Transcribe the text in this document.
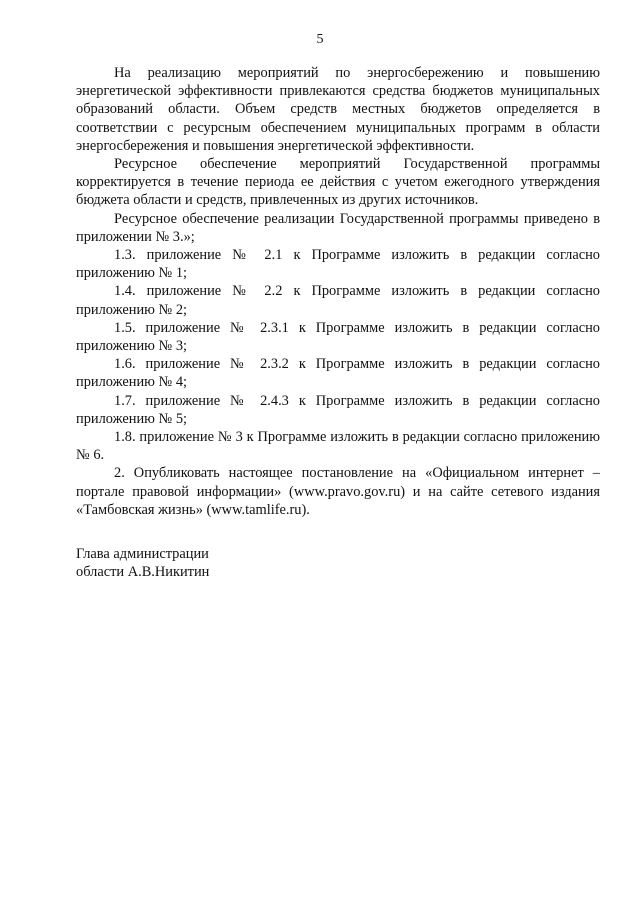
5

На реализацию мероприятий по энергосбережению и повышению энергетической эффективности привлекаются средства бюджетов муниципальных образований области. Объем средств местных бюджетов определяется в соответствии с ресурсным обеспечением муниципальных программ в области энергосбережения и повышения энергетической эффективности.

Ресурсное обеспечение мероприятий Государственной программы корректируется в течение периода ее действия с учетом ежегодного утверждения бюджета области и средств, привлеченных из других источников.

Ресурсное обеспечение реализации Государственной программы приведено в приложении № 3.»;

1.3. приложение № 2.1 к Программе изложить в редакции согласно приложению № 1;

1.4. приложение № 2.2 к Программе изложить в редакции согласно приложению № 2;

1.5. приложение № 2.3.1 к Программе изложить в редакции согласно приложению № 3;

1.6. приложение № 2.3.2 к Программе изложить в редакции согласно приложению № 4;

1.7. приложение № 2.4.3 к Программе изложить в редакции согласно приложению № 5;

1.8. приложение № 3 к Программе изложить в редакции согласно приложению № 6.

2. Опубликовать настоящее постановление на «Официальном интернет – портале правовой информации» (www.pravo.gov.ru) и на сайте сетевого издания «Тамбовская жизнь» (www.tamlife.ru).

Глава администрации
области А.В.Никитин
